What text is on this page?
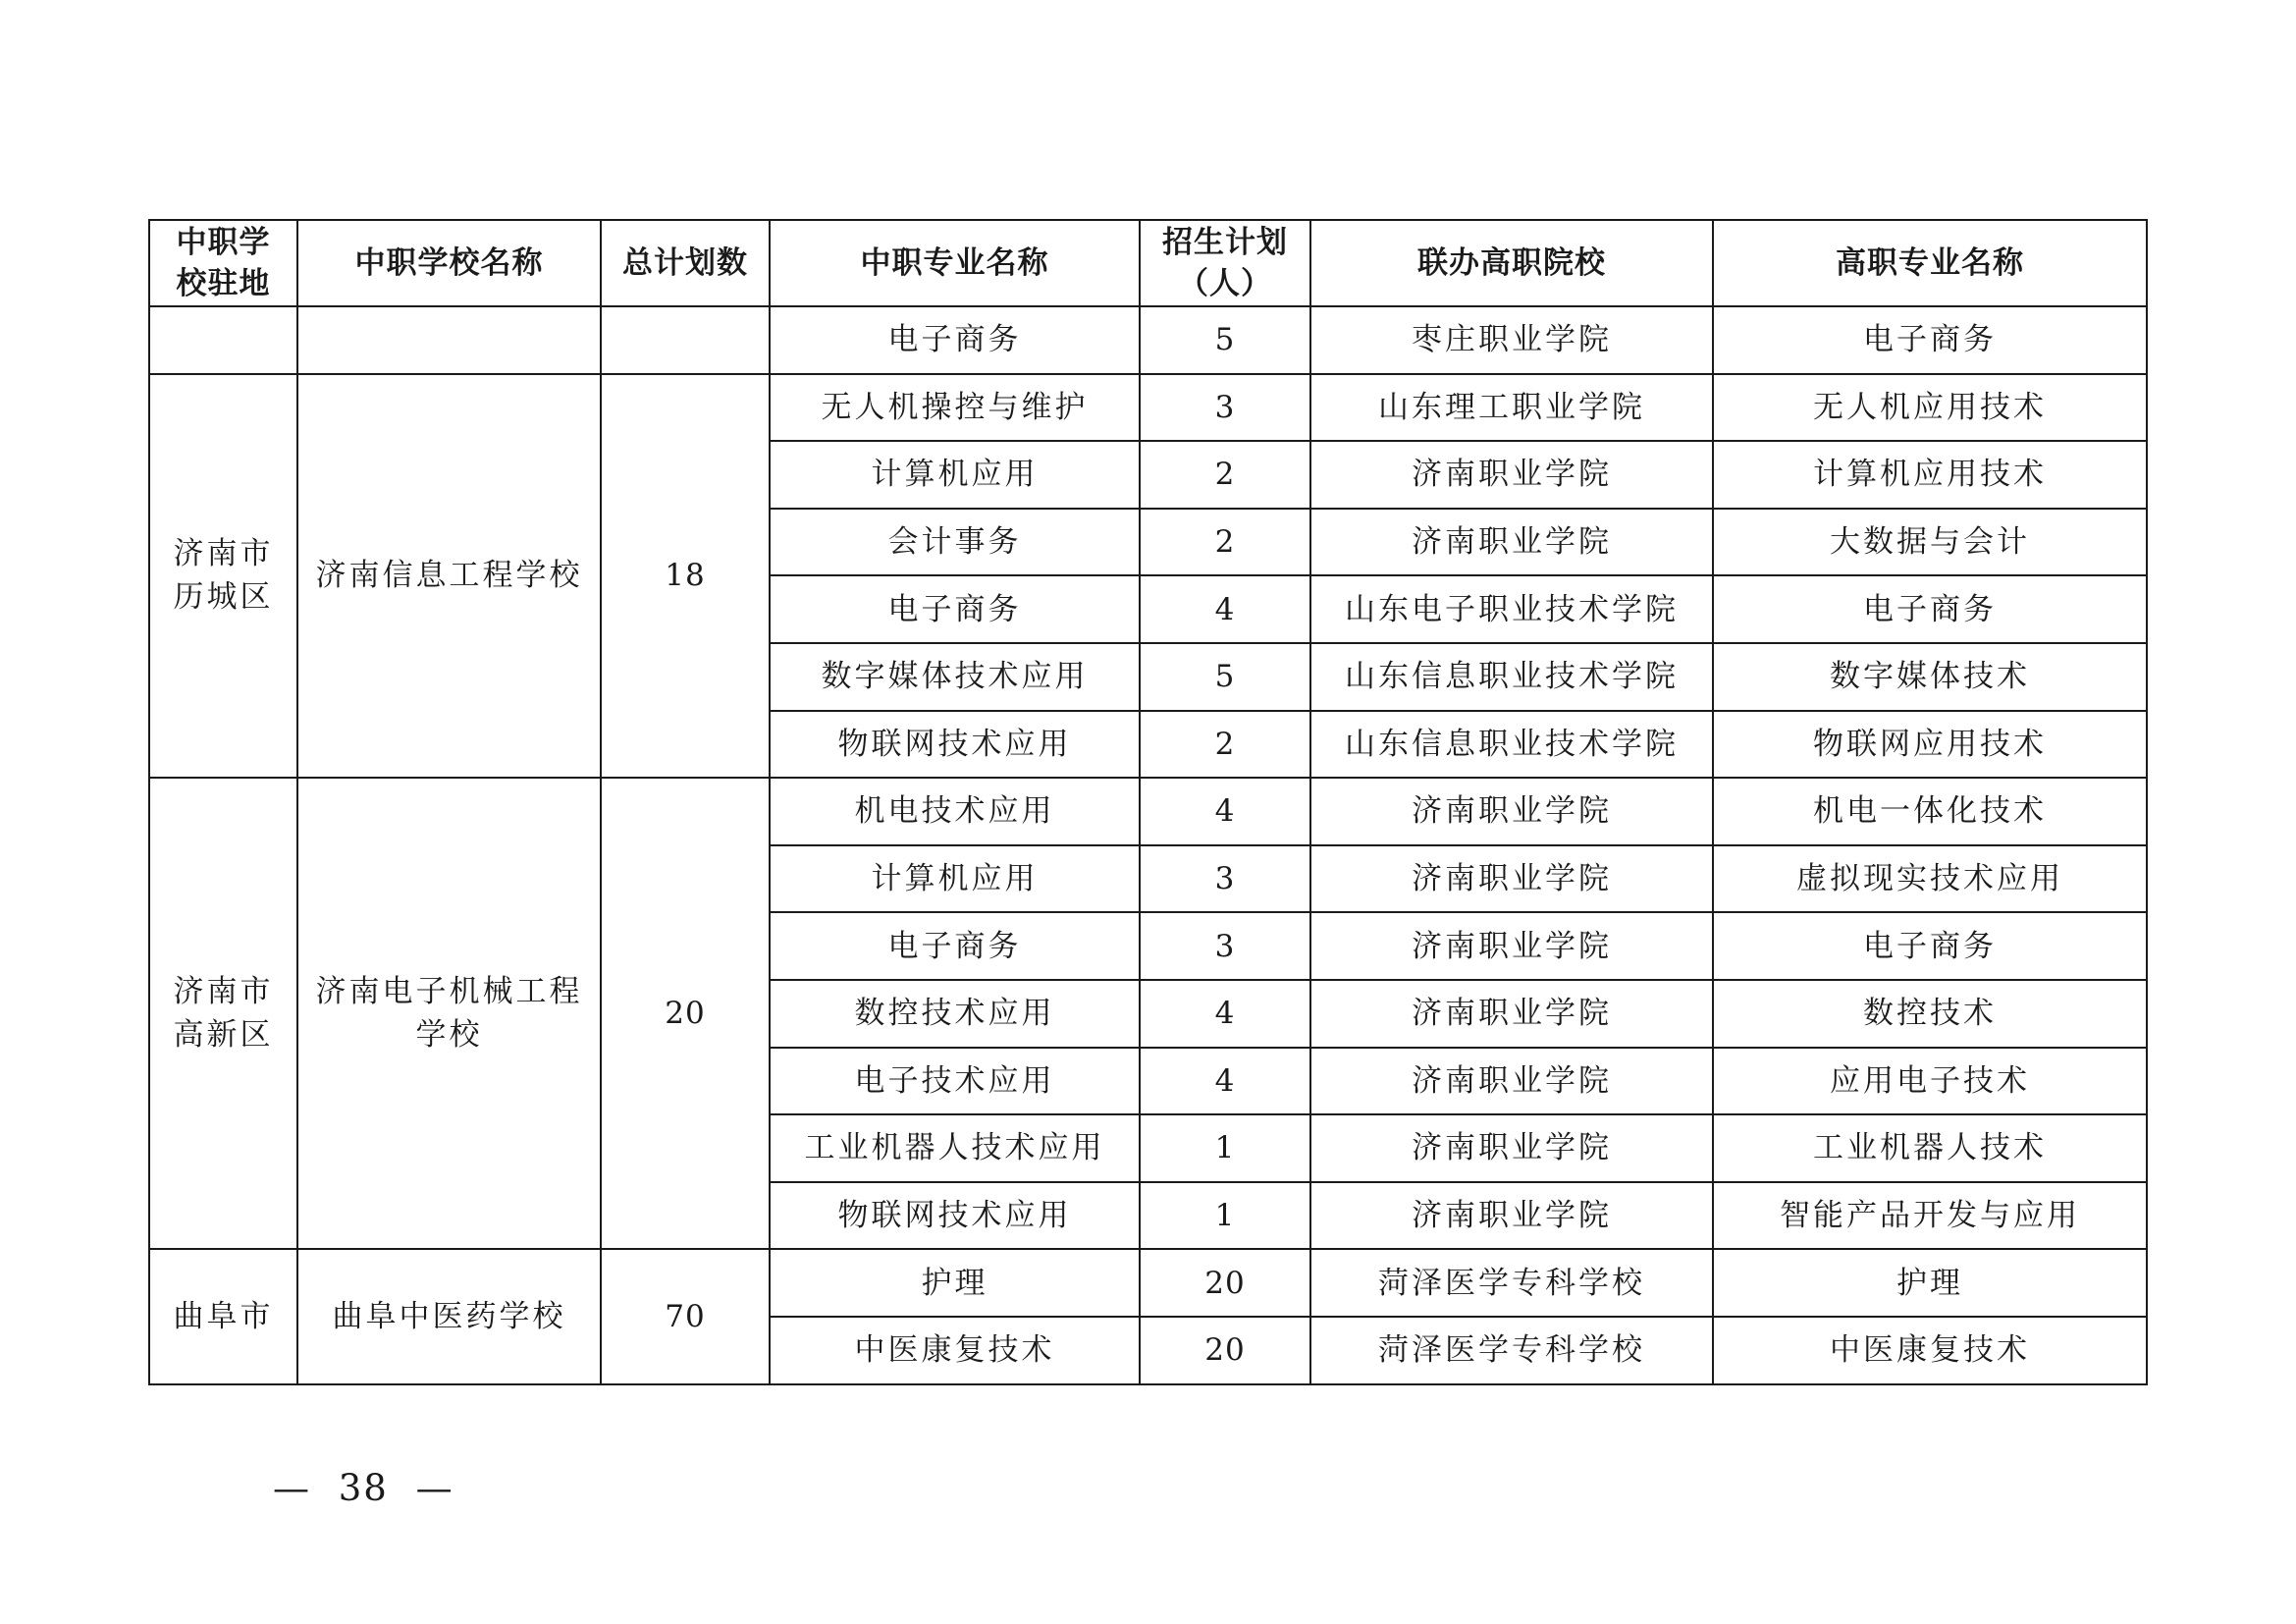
中职学校驻地	中职学校名称	总计划数	中职专业名称	招生计划（人）	联办高职院校	高职专业名称
			电子商务	5	枣庄职业学院	电子商务
济南市历城区	济南信息工程学校	18	无人机操控与维护	3	山东理工职业学院	无人机应用技术
			计算机应用	2	济南职业学院	计算机应用技术
			会计事务	2	济南职业学院	大数据与会计
			电子商务	4	山东电子职业技术学院	电子商务
			数字媒体技术应用	5	山东信息职业技术学院	数字媒体技术
			物联网技术应用	2	山东信息职业技术学院	物联网应用技术
济南市高新区	济南电子机械工程学校	20	机电技术应用	4	济南职业学院	机电一体化技术
			计算机应用	3	济南职业学院	虚拟现实技术应用
			电子商务	3	济南职业学院	电子商务
			数控技术应用	4	济南职业学院	数控技术
			电子技术应用	4	济南职业学院	应用电子技术
			工业机器人技术应用	1	济南职业学院	工业机器人技术
			物联网技术应用	1	济南职业学院	智能产品开发与应用
曲阜市	曲阜中医药学校	70	护理	20	菏泽医学专科学校	护理
			中医康复技术	20	菏泽医学专科学校	中医康复技术
— 38 —
